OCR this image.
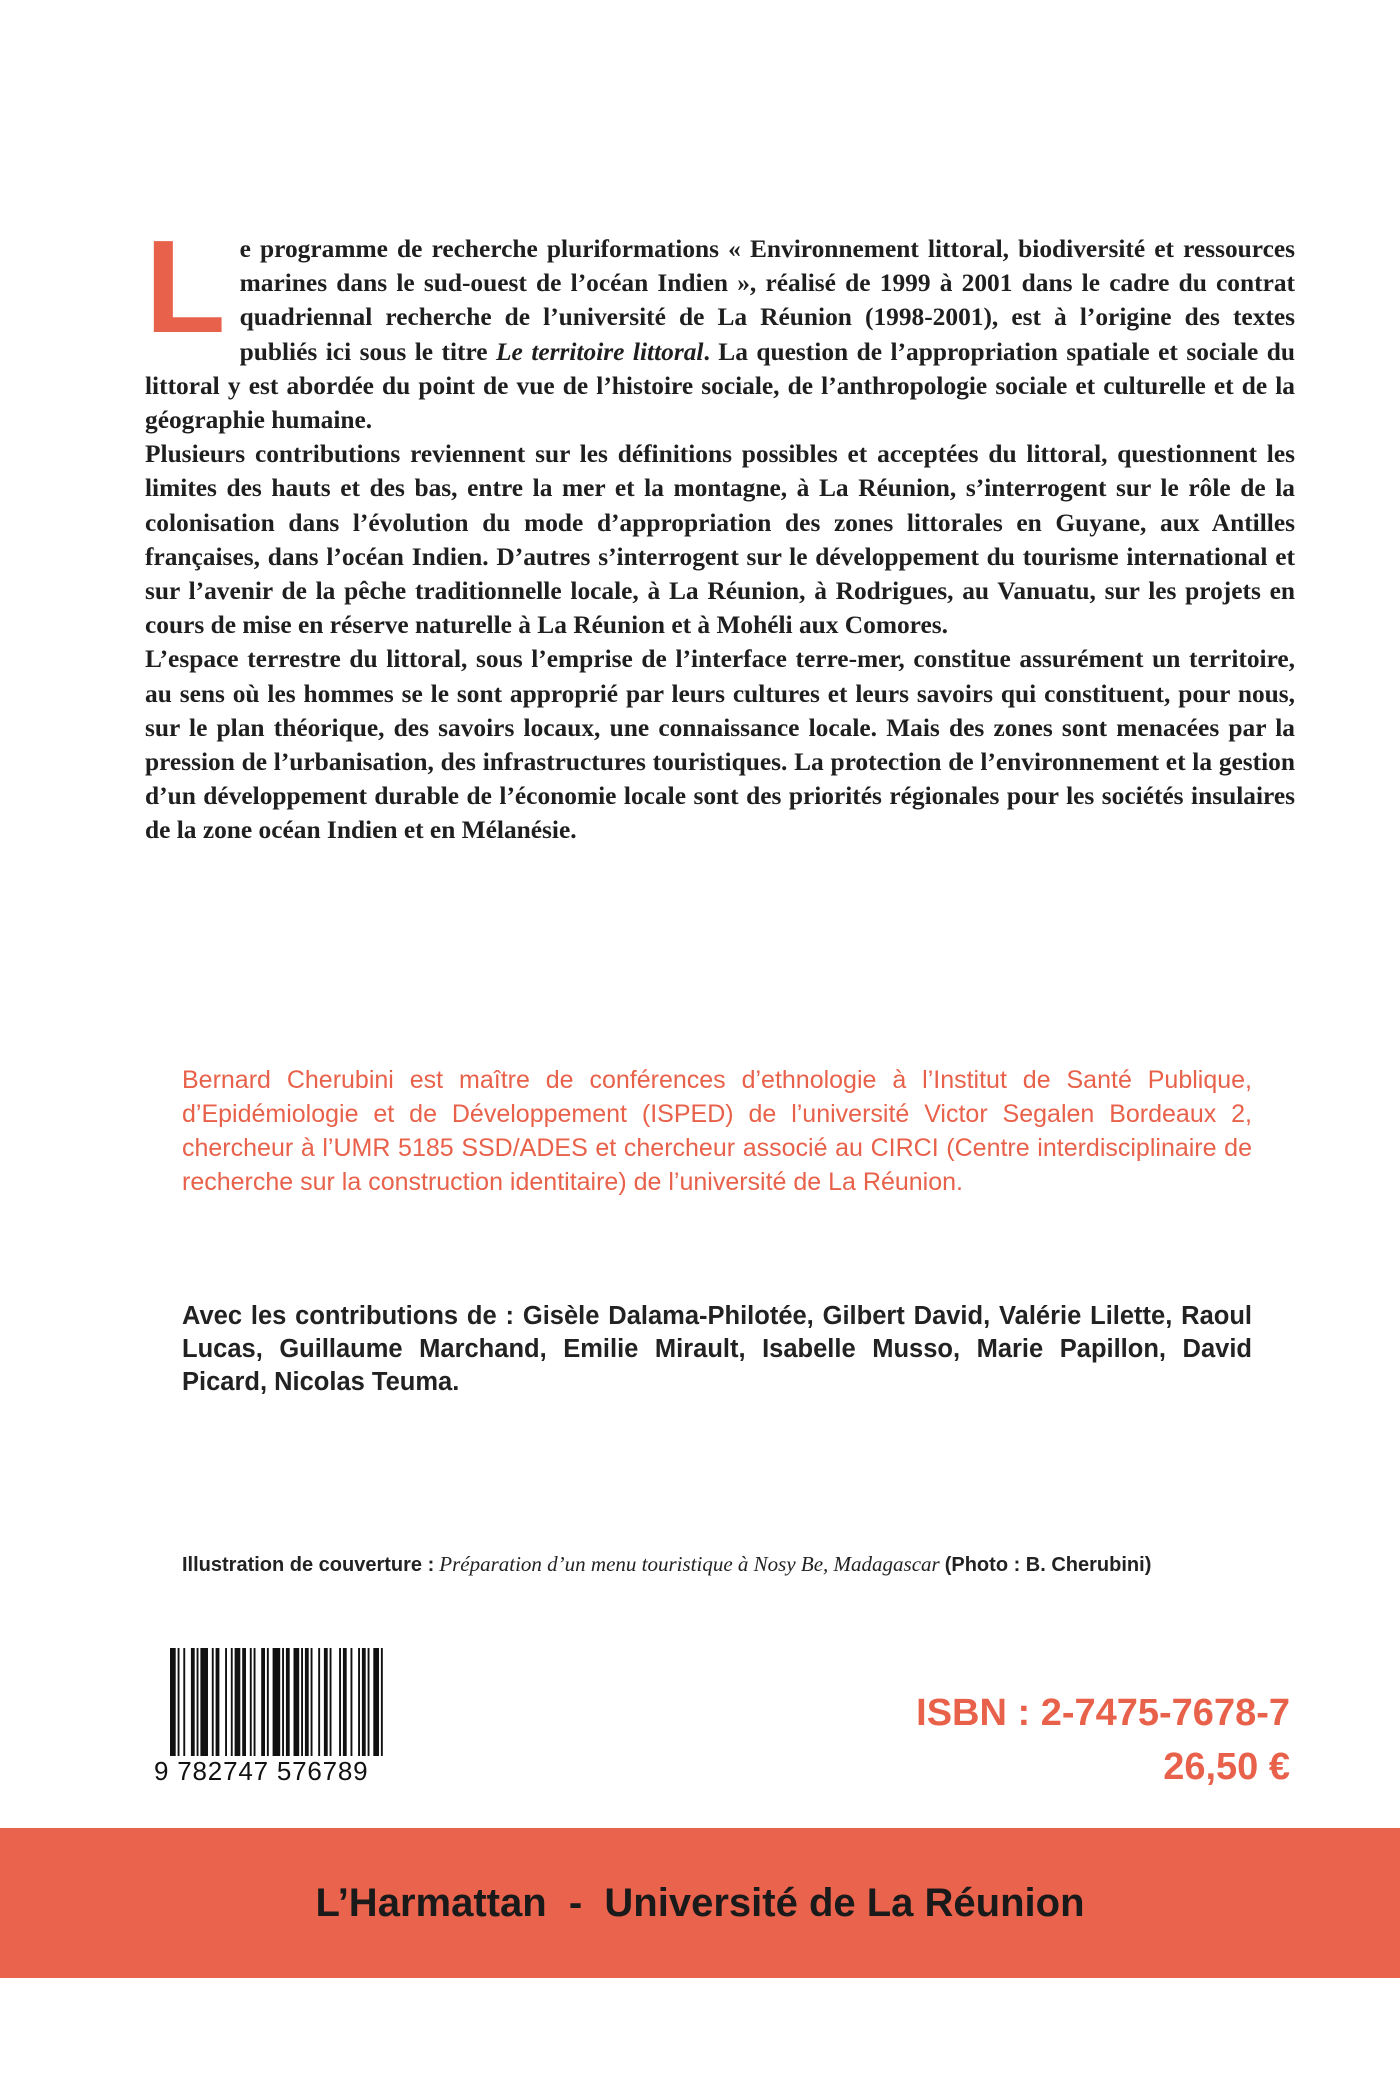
Le programme de recherche pluriformations « Environnement littoral, biodiversité et ressources marines dans le sud-ouest de l’océan Indien », réalisé de 1999 à 2001 dans le cadre du contrat quadriennal recherche de l’université de La Réunion (1998-2001), est à l’origine des textes publiés ici sous le titre Le territoire littoral. La question de l’appropriation spatiale et sociale du littoral y est abordée du point de vue de l’histoire sociale, de l’anthropologie sociale et culturelle et de la géographie humaine.

Plusieurs contributions reviennent sur les définitions possibles et acceptées du littoral, questionnent les limites des hauts et des bas, entre la mer et la montagne, à La Réunion, s’interrogent sur le rôle de la colonisation dans l’évolution du mode d’appropriation des zones littorales en Guyane, aux Antilles françaises, dans l’océan Indien. D’autres s’interrogent sur le développement du tourisme international et sur l’avenir de la pêche traditionnelle locale, à La Réunion, à Rodrigues, au Vanuatu, sur les projets en cours de mise en réserve naturelle à La Réunion et à Mohéli aux Comores.

L’espace terrestre du littoral, sous l’emprise de l’interface terre-mer, constitue assurément un territoire, au sens où les hommes se le sont approprié par leurs cultures et leurs savoirs qui constituent, pour nous, sur le plan théorique, des savoirs locaux, une connaissance locale. Mais des zones sont menacées par la pression de l’urbanisation, des infrastructures touristiques. La protection de l’environnement et la gestion d’un développement durable de l’économie locale sont des priorités régionales pour les sociétés insulaires de la zone océan Indien et en Mélanésie.

Bernard Cherubini est maître de conférences d’ethnologie à l’Institut de Santé Publique, d’Epidémiologie et de Développement (ISPED) de l’université Victor Segalen Bordeaux 2, chercheur à l’UMR 5185 SSD/ADES et chercheur associé au CIRCI (Centre interdisciplinaire de recherche sur la construction identitaire) de l’université de La Réunion.

Avec les contributions de : Gisèle Dalama-Philotée, Gilbert David, Valérie Lilette, Raoul Lucas, Guillaume Marchand, Emilie Mirault, Isabelle Musso, Marie Papillon, David Picard, Nicolas Teuma.

Illustration de couverture : Préparation d’un menu touristique à Nosy Be, Madagascar (Photo : B. Cherubini)
9 782747 576789
ISBN : 2-7475-7678-7
26,50 €
L’Harmattan  -  Université de La Réunion
